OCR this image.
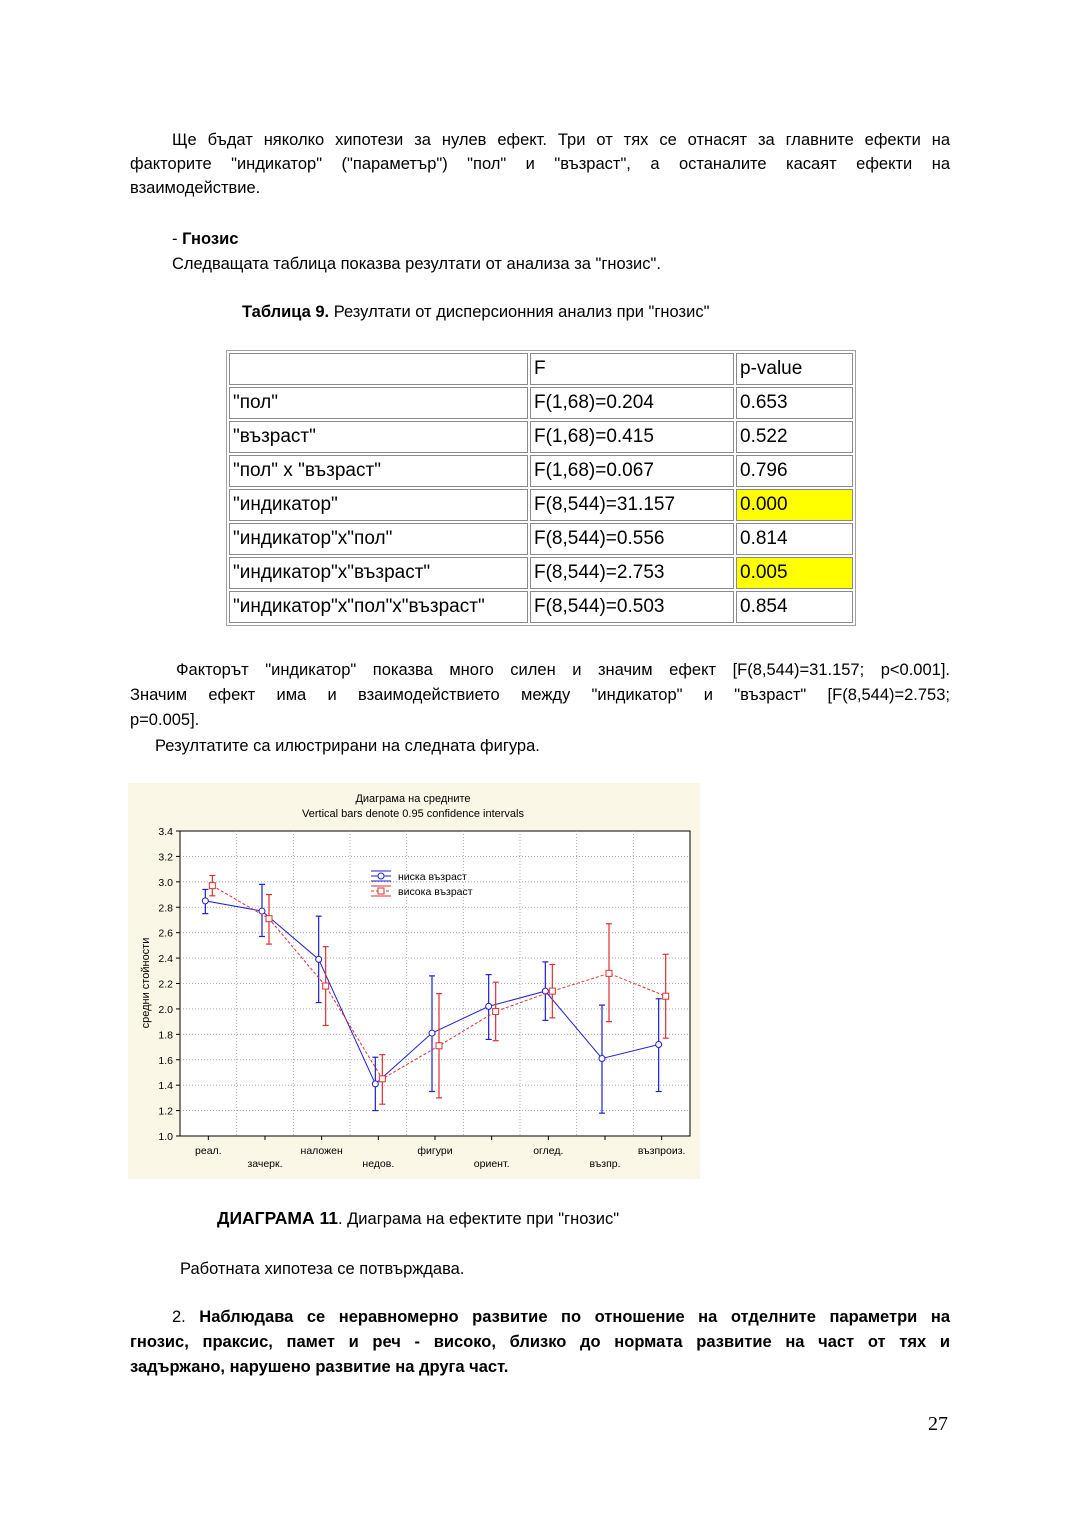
Ще бъдат няколко хипотези за нулев ефект. Три от тях се отнасят за главните ефекти на
факторите "индикатор" ("параметър") "пол" и "възраст", а останалите касаят ефекти на
взаимодействие.
- Гнозис
Следващата таблица показва резултати от анализа за "гнозис".
Таблица 9. Резултати от дисперсионния анализ при "гнозис"
	F	p-value
"пол"	F(1,68)=0.204	0.653
"възраст"	F(1,68)=0.415	0.522
"пол" x "възраст"	F(1,68)=0.067	0.796
"индикатор"	F(8,544)=31.157	0.000
"индикатор"x"пол"	F(8,544)=0.556	0.814
"индикатор"x"възраст"	F(8,544)=2.753	0.005
"индикатор"x"пол"x"възраст"	F(8,544)=0.503	0.854
Факторът "индикатор" показва много силен и значим ефект [F(8,544)=31.157; p<0.001].
Значим ефект има и взаимодействието между "индикатор" и "възраст" [F(8,544)=2.753;
p=0.005].
Резултатите са илюстрирани на следната фигура.
Диаграма на средните
Vertical bars denote 0.95 confidence intervals
средни стойности
1.0
1.2
1.4
1.6
1.8
2.0
2.2
2.4
2.6
2.8
3.0
3.2
3.4
реал.
зачерк.
наложен
недов.
фигури
ориент.
оглед.
възпр.
възпроиз.
ниска възраст
висока възраст
ДИАГРАМА 11. Диаграма на ефектите при "гнозис"
Работната хипотеза се потвърждава.
2. Наблюдава се неравномерно развитие по отношение на отделните параметри на
гнозис, праксис, памет и реч - високо, близко до нормата развитие на част от тях и
задържано, нарушено развитие на друга част.
27
